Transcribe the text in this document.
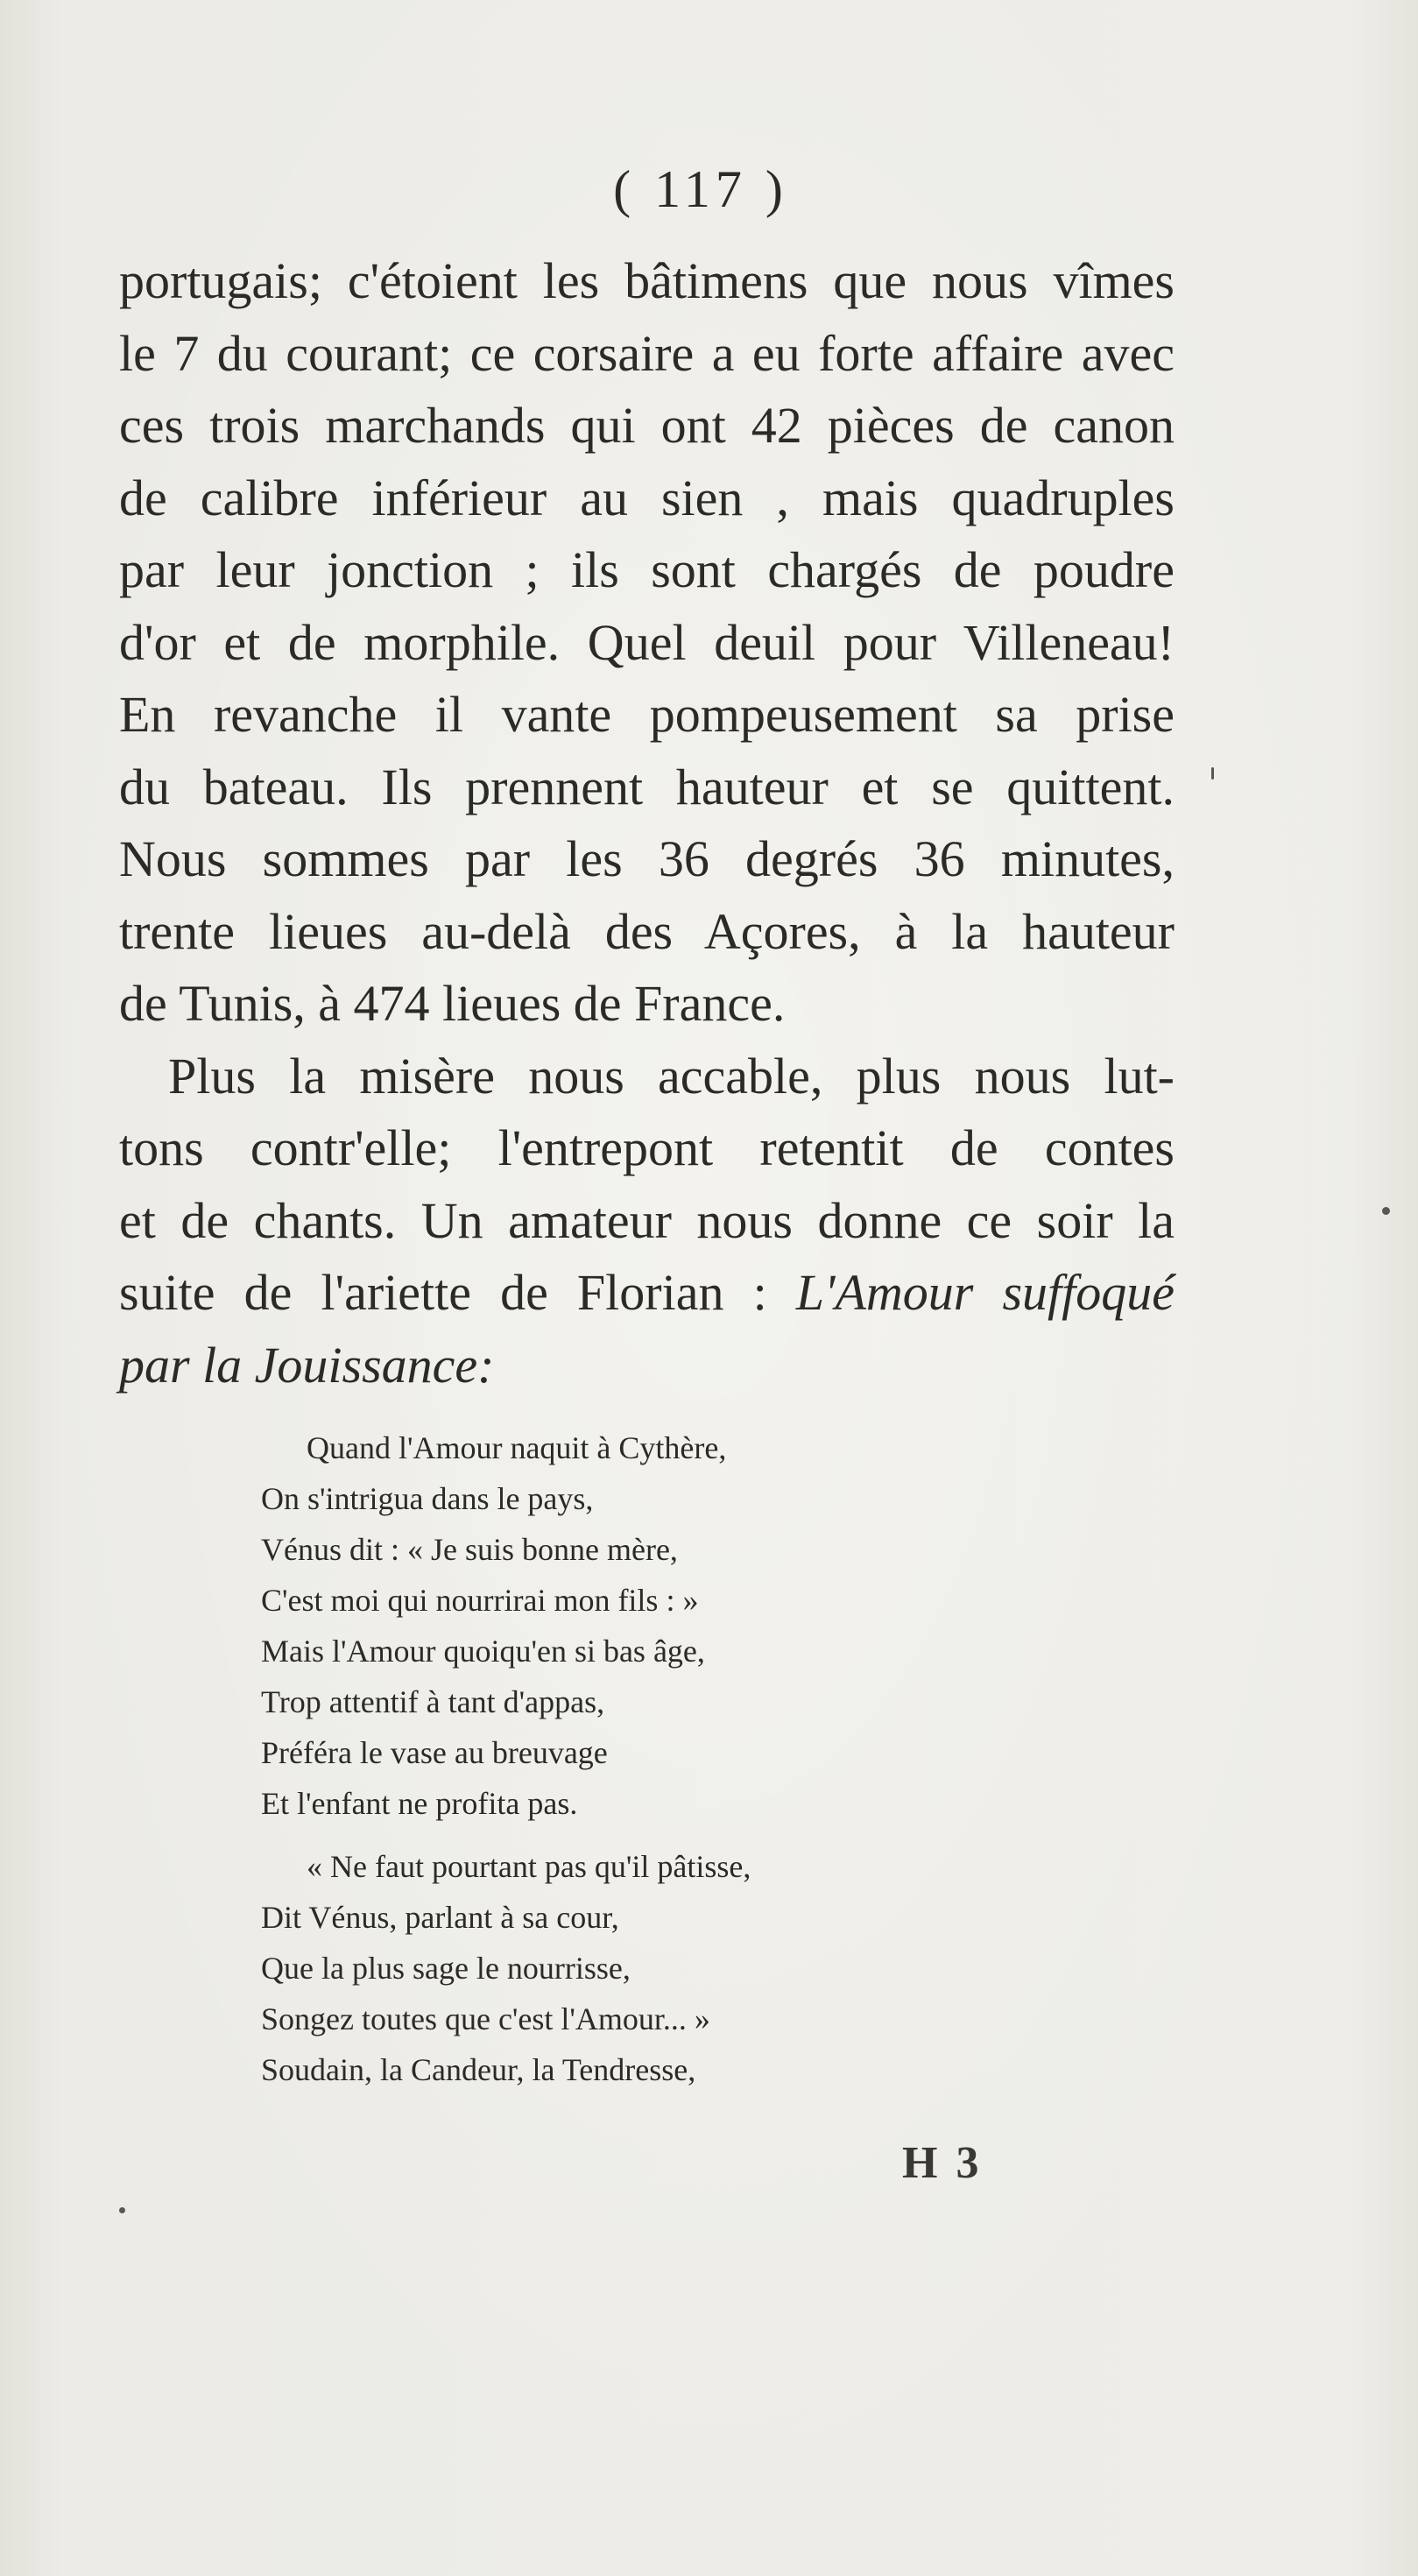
( 117 )
portugais; c'étoient les bâtimens que nous vîmes
le 7 du courant; ce corsaire a eu forte affaire avec
ces trois marchands qui ont 42 pièces de canon
de calibre inférieur au sien , mais quadruples
par leur jonction ; ils sont chargés de poudre
d'or et de morphile. Quel deuil pour Villeneau!
En revanche il vante pompeusement sa prise
du bateau. Ils prennent hauteur et se quittent.
Nous sommes par les 36 degrés 36 minutes,
trente lieues au-delà des Açores, à la hauteur
de Tunis, à 474 lieues de France.
Plus la misère nous accable, plus nous lut-
tons contr'elle; l'entrepont retentit de contes
et de chants. Un amateur nous donne ce soir la
suite de l'ariette de Florian : L'Amour suffoqué
par la Jouissance:
Quand l'Amour naquit à Cythère,
On s'intrigua dans le pays,
Vénus dit : « Je suis bonne mère,
C'est moi qui nourrirai mon fils : »
Mais l'Amour quoiqu'en si bas âge,
Trop attentif à tant d'appas,
Préféra le vase au breuvage
Et l'enfant ne profita pas.
« Ne faut pourtant pas qu'il pâtisse,
Dit Vénus, parlant à sa cour,
Que la plus sage le nourrisse,
Songez toutes que c'est l'Amour... »
Soudain, la Candeur, la Tendresse,
H 3
